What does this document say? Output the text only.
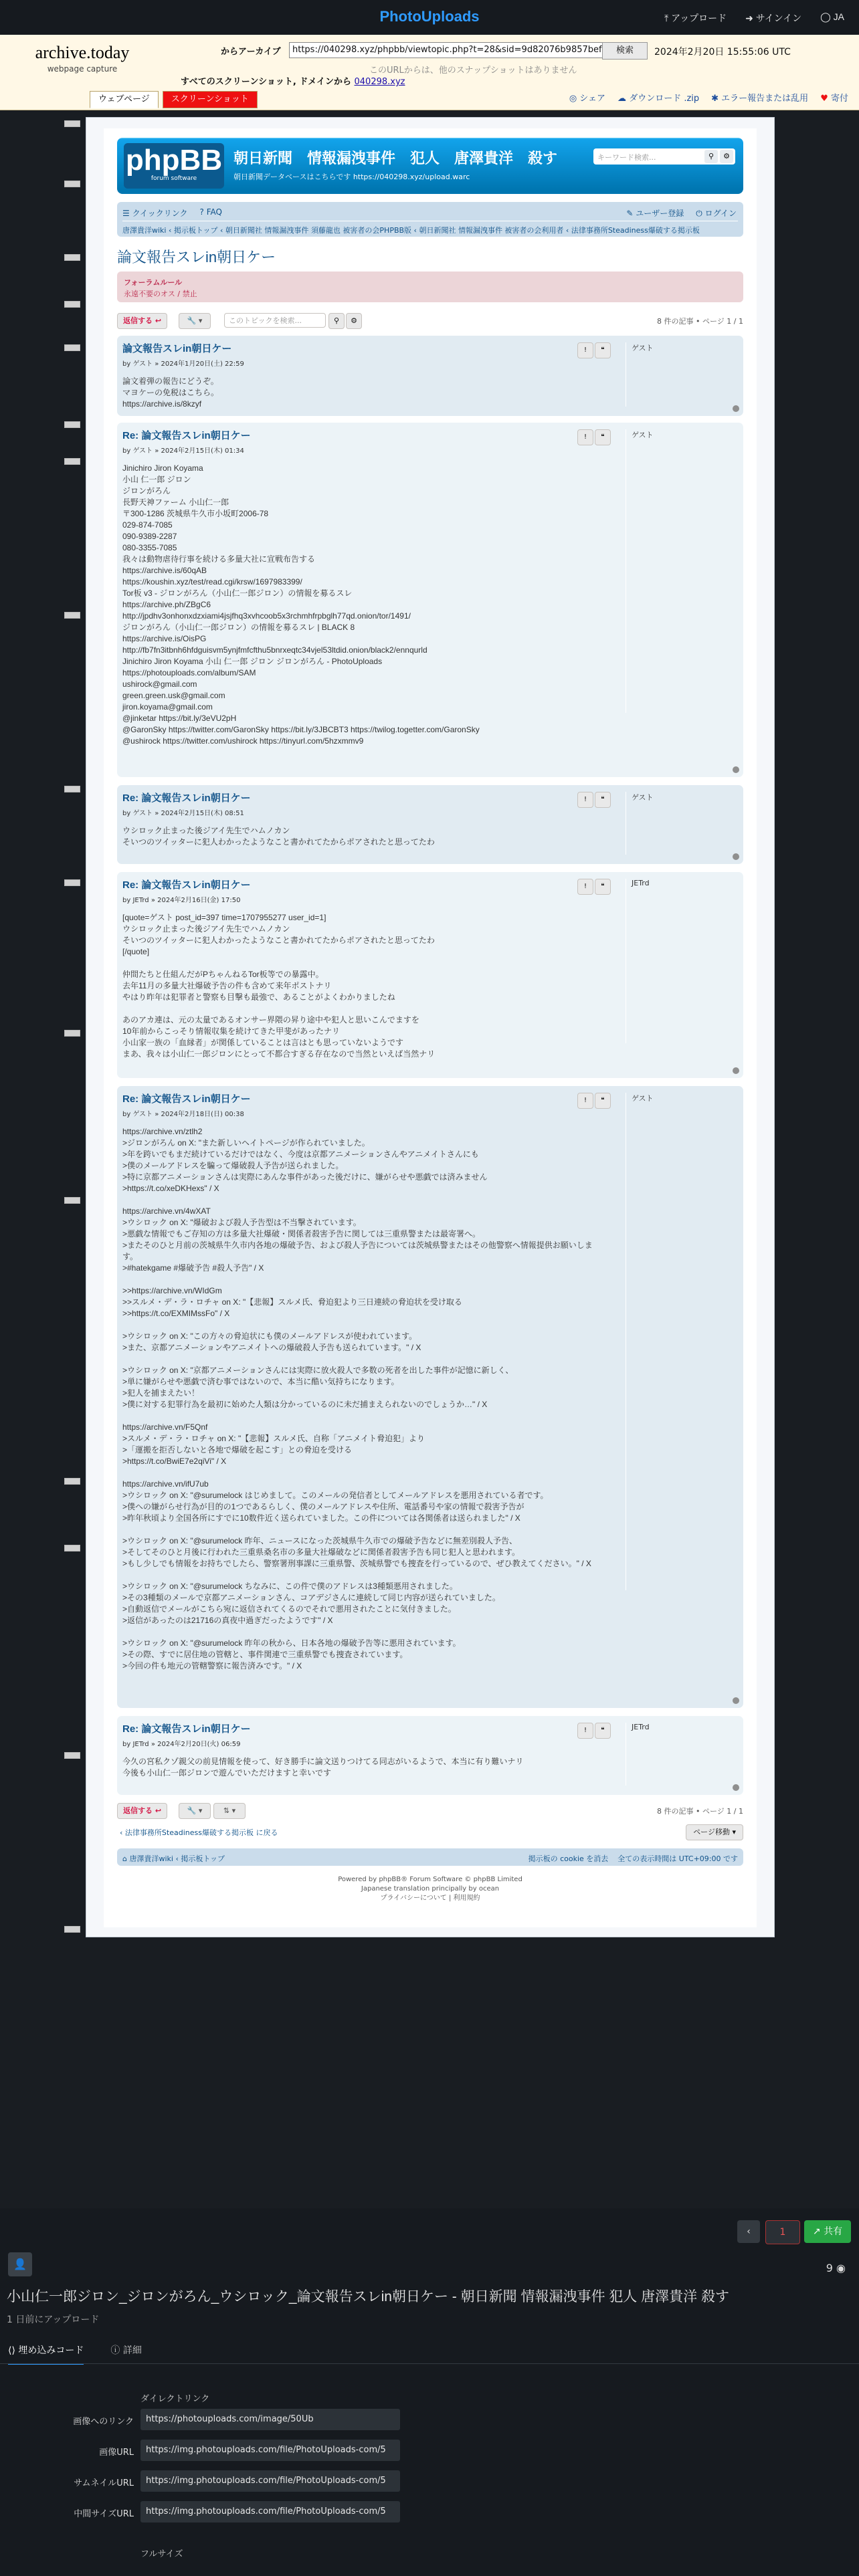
PhotoUploads	⤒ アップロード ➜ サインイン ◯ JA
archive.today
webpage capture
からアーカイブ	https://040298.xyz/phpbb/viewtopic.php?t=28&sid=9d82076b9857bef	検索	2024年2月20日 15:55:06 UTC
このURLからは、他のスナップショットはありません
すべてのスクリーンショット, ドメインから 040298.xyz
ウェブページ	スクリーンショット	◎ シェア ☁ ダウンロード .zip ✱ エラー報告または乱用 ♥ 寄付
phpBB
forum software
朝日新聞　情報漏洩事件　犯人　唐澤貴洋　殺す
朝日新聞データベースはこちらです https://040298.xyz/upload.warc
キーワード検索...	⚲	⚙
☰ クイックリンク ? FAQ	✎ ユーザー登録 ⏻ ログイン
唐澤貴洋wiki ‹ 掲示板トップ ‹ 朝日新聞社 情報漏洩事件 須藤龍也 被害者の会PHPBB版 ‹ 朝日新聞社 情報漏洩事件 被害者の会利用者 ‹ 法律事務所Steadiness爆破する掲示板
論文報告スレin朝日ケー
フォーラムルール
永遠不要のオス / 禁止
返信する ↩	🔧 ▾	このトピックを検索...	⚲	⚙	8 件の記事 • ページ 1 / 1
論文報告スレin朝日ケー
by ゲスト » 2024年1月20日(土) 22:59
論文着弾の報告にどうぞ。
マヨケーの免税はこちら。
https://archive.is/8kzyf
!	❝	ゲスト
Re: 論文報告スレin朝日ケー
by ゲスト » 2024年2月15日(木) 01:34
Jinichiro Jiron Koyama
小山 仁一郎 ジロン
ジロンがろん
長野天神ファーム 小山仁一郎
〒300-1286 茨城県牛久市小坂町2006-78
029-874-7085
090-9389-2287
080-3355-7085
我々は動物虐待行事を続ける多量大社に宣戦布告する
https://archive.is/60qAB
https://koushin.xyz/test/read.cgi/krsw/1697983399/
Tor板 v3 - ジロンがろん（小山仁一郎ジロン）の情報を募るスレ
https://archive.ph/ZBgC6
http://jpdhv3onhonxdzxiami4jsjfhq3xvhcoob5x3rchmhfrpbglh77qd.onion/tor/1491/
ジロンがろん（小山仁一郎ジロン）の情報を募るスレ | BLACK 8
https://archive.is/OisPG
http://fb7fn3itbnh6hfdguisvm5ynjfmfcfthu5bnrxeqtc34vjel53ltdid.onion/black2/ennqurld
Jinichiro Jiron Koyama 小山 仁一郎 ジロン ジロンがろん - PhotoUploads
https://photouploads.com/album/SAM
ushirock@gmail.com
green.green.usk@gmail.com
jiron.koyama@gmail.com
@jinketar https://bit.ly/3eVU2pH
@GaronSky https://twitter.com/GaronSky https://bit.ly/3JBCBT3 https://twilog.togetter.com/GaronSky
@ushirock https://twitter.com/ushirock https://tinyurl.com/5hzxmmv9
!	❝	ゲスト
Re: 論文報告スレin朝日ケー
by ゲスト » 2024年2月15日(木) 08:51
ウシロック止まった後ジアイ先生でハムノカン
そいつのツイッターに犯人わかったようなこと書かれてたからポアされたと思ってたわ
!	❝	ゲスト
Re: 論文報告スレin朝日ケー
by JETrd » 2024年2月16日(金) 17:50
[quote=ゲスト post_id=397 time=1707955277 user_id=1]
ウシロック止まった後ジアイ先生でハムノカン
そいつのツイッターに犯人わかったようなこと書かれてたからポアされたと思ってたわ
[/quote]

仲間たちと仕組んだがPちゃんねるTor板等での暴露中。
去年11月の多量大社爆破予告の件も含めて来年ポストナリ
やはり昨年は犯罪者と警察も目撃も最強で、あることがよくわかりましたね

あのアカ連は、元の太量であるオンサー界隈の昇り途中や犯人と思いこんでますを
10年前からこっそり情報収集を続けてきた甲斐があったナリ
小山家一族の「血縁者」が関係していることは言はとも思っていないようです
まあ、我々は小山仁一郎ジロンにとって不都合すぎる存在なので当然といえば当然ナリ
!	❝	JETrd
Re: 論文報告スレin朝日ケー
by ゲスト » 2024年2月18日(日) 00:38
https://archive.vn/ztlh2
>ジロンがろん on X: "また新しいヘイトページが作られていました。
>年を跨いでもまだ続けているだけではなく、今度は京都アニメーションさんやアニメイトさんにも
>僕のメールアドレスを騙って爆破殺人予告が送られました。
>特に京都アニメーションさんは実際にあんな事件があった後だけに、嫌がらせや悪戯では済みません
>https://t.co/xeDKHexs" / X

https://archive.vn/4wXAT
>ウシロック on X: "爆破および殺人予告型は不当撃されています。
>悪戯な情報でもご存知の方は多量大社爆破・関係者殺害予告に関しては三重県警または最寄署へ。
>またそのひと月前の茨城県牛久市内各地の爆破予告、および殺人予告については茨城県警またはその他警察へ情報提供お願いします。
>#hatekgame #爆破予告 #殺人予告" / X

>>https://archive.vn/WIdGm
>>スルメ・デ・ラ・ロチャ on X: "【悲報】スルメ氏、脅迫犯より三日連続の脅迫状を受け取る
>>https://t.co/EXMIMssFo" / X

>ウシロック on X: "この方々の脅迫状にも僕のメールアドレスが使われています。
>また、京都アニメーションやアニメイトへの爆破殺人予告も送られています。" / X

>ウシロック on X: "京都アニメーションさんには実際に放火殺人で多数の死者を出した事件が記憶に新しく、
>単に嫌がらせや悪戯で済む事ではないので、本当に酷い気持ちになります。
>犯人を捕まえたい！
>僕に対する犯罪行為を最初に始めた人類は分かっているのに未だ捕まえられないのでしょうか…" / X

https://archive.vn/F5Qnf
>スルメ・デ・ラ・ロチャ on X: "【悲報】スルメ氏、自称「アニメイト脅迫犯」より
>「運搬を拒否しないと各地で爆破を起こす」との脅迫を受ける
>https://t.co/BwiE7e2qiVi" / X

https://archive.vn/ifU7ub
>ウシロック on X: "@surumelock はじめまして。このメールの発信者としてメールアドレスを悪用されている者です。
>僕への嫌がらせ行為が目的の1つであるらしく、僕のメールアドレスや住所、電話番号や家の情報で殺害予告が
>昨年秋頃より全国各所にすでに10数件近く送られていました。この件については各関係者は送られました" / X

>ウシロック on X: "@surumelock 昨年、ニュースになった茨城県牛久市での爆破予告などに無差別殺人予告、
>そしてそのひと月後に行われた三重県桑名市の多量大社爆破などに関係者殺害予告も同じ犯人と思われます。
>もし少しでも情報をお持ちでしたら、警察署刑事課に三重県警、茨城県警でも捜査を行っているので、ぜひ教えてください。" / X

>ウシロック on X: "@surumelock ちなみに、この件で僕のアドレスは3種類悪用されました。
>その3種類のメールで京都アニメーションさん、コアデジさんに連続して同じ内容が送られていました。
>自動返信でメールがこちら宛に返信されてくるのでそれで悪用されたことに気付きました。
>返信があったのは21716の真夜中過ぎだったようです" / X

>ウシロック on X: "@surumelock 昨年の秋から、日本各地の爆破予告等に悪用されています。
>その際、すでに居住地の管轄と、事件関連で三重県警でも捜査されています。
>今回の件も地元の管轄警察に報告済みです。" / X
!	❝	ゲスト
Re: 論文報告スレin朝日ケー
by JETrd » 2024年2月20日(火) 06:59
今久の宮私クゾ親父の前見情報を使って、好き勝手に論文送りつけてる同志がいるようで、本当に有り難いナリ
今後も小山仁一郎ジロンで遊んでいただけますと幸いです
!	❝	JETrd
返信する ↩	🔧 ▾	⇅ ▾	8 件の記事 • ページ 1 / 1
‹ 法律事務所Steadiness爆破する掲示板 に戻る	ページ移動 ▾
⌂ 唐澤貴洋wiki ‹ 掲示板トップ	掲示板の cookie を消去 全ての表示時間は UTC+09:00 です
Powered by phpBB® Forum Software © phpBB Limited
Japanese translation principally by ocean
プライバシーについて | 利用規約
‹	1	↗ 共有
👤	9 ◉
小山仁一郎ジロン_ジロンがろん_ウシロック_論文報告スレin朝日ケー - 朝日新聞 情報漏洩事件 犯人 唐澤貴洋 殺す
1 日前にアップロード
⟨⟩ 埋め込みコード	ⓘ 詳細
ダイレクトリンク
画像へのリンク	https://photouploads.com/image/50Ub
画像URL	https://img.photouploads.com/file/PhotoUploads-com/5
サムネイルURL	https://img.photouploads.com/file/PhotoUploads-com/5
中間サイズURL	https://img.photouploads.com/file/PhotoUploads-com/5
フルサイズ
